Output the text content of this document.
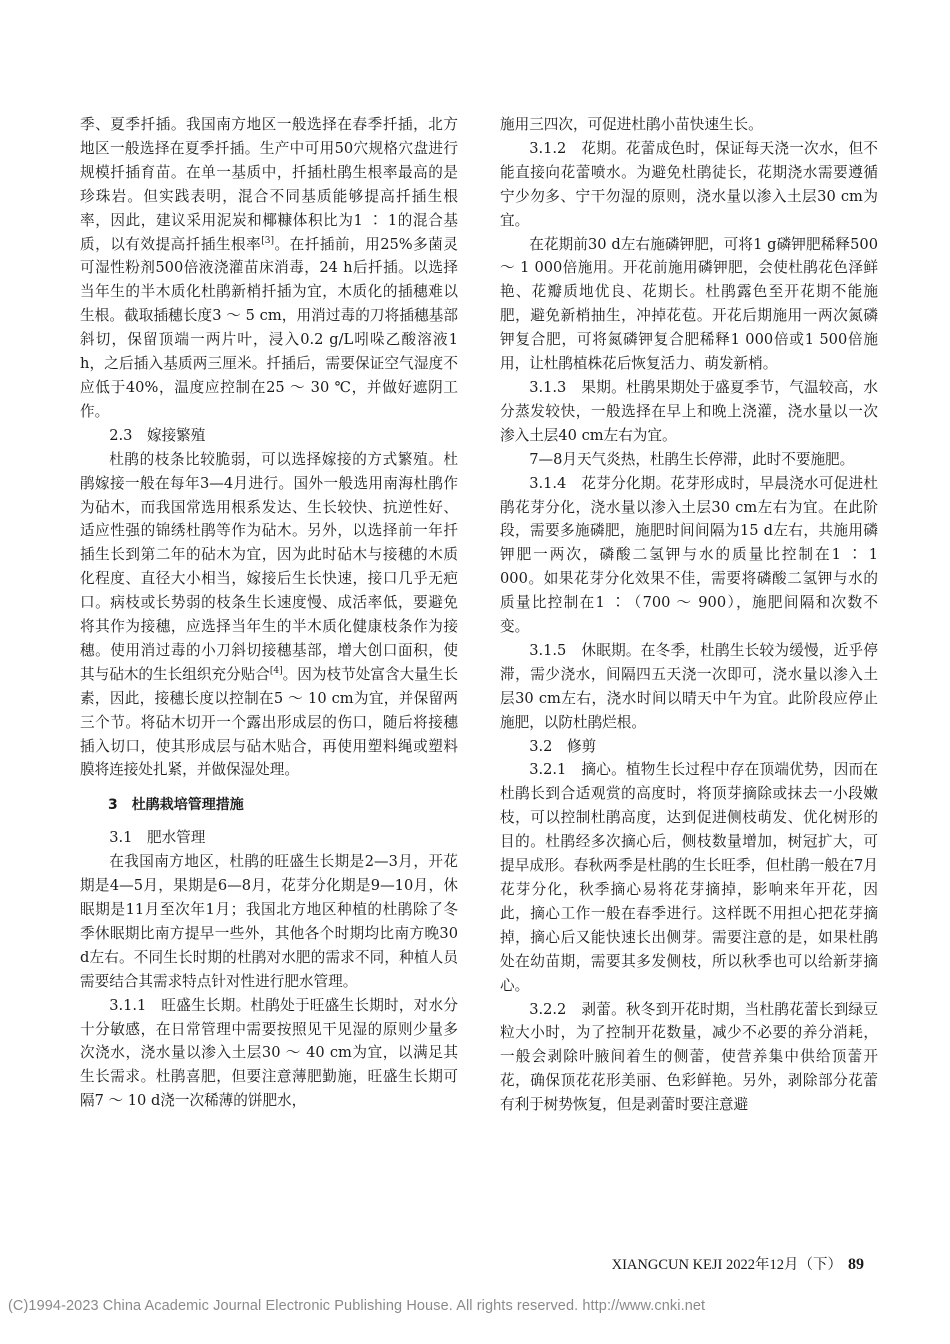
季、夏季扦插。我国南方地区一般选择在春季扦插，北方地区一般选择在夏季扦插。生产中可用50穴规格穴盘进行规模扦插育苗。在单一基质中，扦插杜鹃生根率最高的是珍珠岩。但实践表明，混合不同基质能够提高扦插生根率，因此，建议采用泥炭和椰糠体积比为1 ∶ 1的混合基质，以有效提高扦插生根率[3]。在扦插前，用25%多菌灵可湿性粉剂500倍液浇灌苗床消毒，24 h后扦插。以选择当年生的半木质化杜鹃新梢扦插为宜，木质化的插穗难以生根。截取插穗长度3 ～ 5 cm，用消过毒的刀将插穗基部斜切，保留顶端一两片叶，浸入0.2 g/L吲哚乙酸溶液1 h，之后插入基质两三厘米。扦插后，需要保证空气湿度不应低于40%，温度应控制在25 ～ 30 ℃，并做好遮阴工作。

2.3　嫁接繁殖

杜鹃的枝条比较脆弱，可以选择嫁接的方式繁殖。杜鹃嫁接一般在每年3—4月进行。国外一般选用南海杜鹃作为砧木，而我国常选用根系发达、生长较快、抗逆性好、适应性强的锦绣杜鹃等作为砧木。另外，以选择前一年扦插生长到第二年的砧木为宜，因为此时砧木与接穗的木质化程度、直径大小相当，嫁接后生长快速，接口几乎无疤口。病枝或长势弱的枝条生长速度慢、成活率低，要避免将其作为接穗，应选择当年生的半木质化健康枝条作为接穗。使用消过毒的小刀斜切接穗基部，增大创口面积，使其与砧木的生长组织充分贴合[4]。因为枝节处富含大量生长素，因此，接穗长度以控制在5 ～ 10 cm为宜，并保留两三个节。将砧木切开一个露出形成层的伤口，随后将接穗插入切口，使其形成层与砧木贴合，再使用塑料绳或塑料膜将连接处扎紧，并做保湿处理。

3　杜鹃栽培管理措施

3.1　肥水管理

在我国南方地区，杜鹃的旺盛生长期是2—3月，开花期是4—5月，果期是6—8月，花芽分化期是9—10月，休眠期是11月至次年1月；我国北方地区种植的杜鹃除了冬季休眠期比南方提早一些外，其他各个时期均比南方晚30 d左右。不同生长时期的杜鹃对水肥的需求不同，种植人员需要结合其需求特点针对性进行肥水管理。

3.1.1　旺盛生长期。杜鹃处于旺盛生长期时，对水分十分敏感，在日常管理中需要按照见干见湿的原则少量多次浇水，浇水量以渗入土层30 ～ 40 cm为宜，以满足其生长需求。杜鹃喜肥，但要注意薄肥勤施，旺盛生长期可隔7 ～ 10 d浇一次稀薄的饼肥水，

施用三四次，可促进杜鹃小苗快速生长。

3.1.2　花期。花蕾成色时，保证每天浇一次水，但不能直接向花蕾喷水。为避免杜鹃徒长，花期浇水需要遵循宁少勿多、宁干勿湿的原则，浇水量以渗入土层30 cm为宜。

在花期前30 d左右施磷钾肥，可将1 g磷钾肥稀释500 ～ 1 000倍施用。开花前施用磷钾肥，会使杜鹃花色泽鲜艳、花瓣质地优良、花期长。杜鹃露色至开花期不能施肥，避免新梢抽生，冲掉花苞。开花后期施用一两次氮磷钾复合肥，可将氮磷钾复合肥稀释1 000倍或1 500倍施用，让杜鹃植株花后恢复活力、萌发新梢。

3.1.3　果期。杜鹃果期处于盛夏季节，气温较高，水分蒸发较快，一般选择在早上和晚上浇灌，浇水量以一次渗入土层40 cm左右为宜。

7—8月天气炎热，杜鹃生长停滞，此时不要施肥。

3.1.4　花芽分化期。花芽形成时，早晨浇水可促进杜鹃花芽分化，浇水量以渗入土层30 cm左右为宜。在此阶段，需要多施磷肥，施肥时间间隔为15 d左右，共施用磷钾肥一两次，磷酸二氢钾与水的质量比控制在1 ∶ 1 000。如果花芽分化效果不佳，需要将磷酸二氢钾与水的质量比控制在1 ∶（700 ～ 900），施肥间隔和次数不变。

3.1.5　休眠期。在冬季，杜鹃生长较为缓慢，近乎停滞，需少浇水，间隔四五天浇一次即可，浇水量以渗入土层30 cm左右，浇水时间以晴天中午为宜。此阶段应停止施肥，以防杜鹃烂根。

3.2　修剪

3.2.1　摘心。植物生长过程中存在顶端优势，因而在杜鹃长到合适观赏的高度时，将顶芽摘除或抹去一小段嫩枝，可以控制杜鹃高度，达到促进侧枝萌发、优化树形的目的。杜鹃经多次摘心后，侧枝数量增加，树冠扩大，可提早成形。春秋两季是杜鹃的生长旺季，但杜鹃一般在7月花芽分化，秋季摘心易将花芽摘掉，影响来年开花，因此，摘心工作一般在春季进行。这样既不用担心把花芽摘掉，摘心后又能快速长出侧芽。需要注意的是，如果杜鹃处在幼苗期，需要其多发侧枝，所以秋季也可以给新芽摘心。

3.2.2　剥蕾。秋冬到开花时期，当杜鹃花蕾长到绿豆粒大小时，为了控制开花数量，减少不必要的养分消耗，一般会剥除叶腋间着生的侧蕾，使营养集中供给顶蕾开花，确保顶花花形美丽、色彩鲜艳。另外，剥除部分花蕾有利于树势恢复，但是剥蕾时要注意避

XIANGCUN KEJI 2022年12月（下） 89
(C)1994-2023 China Academic Journal Electronic Publishing House. All rights reserved. http://www.cnki.net
